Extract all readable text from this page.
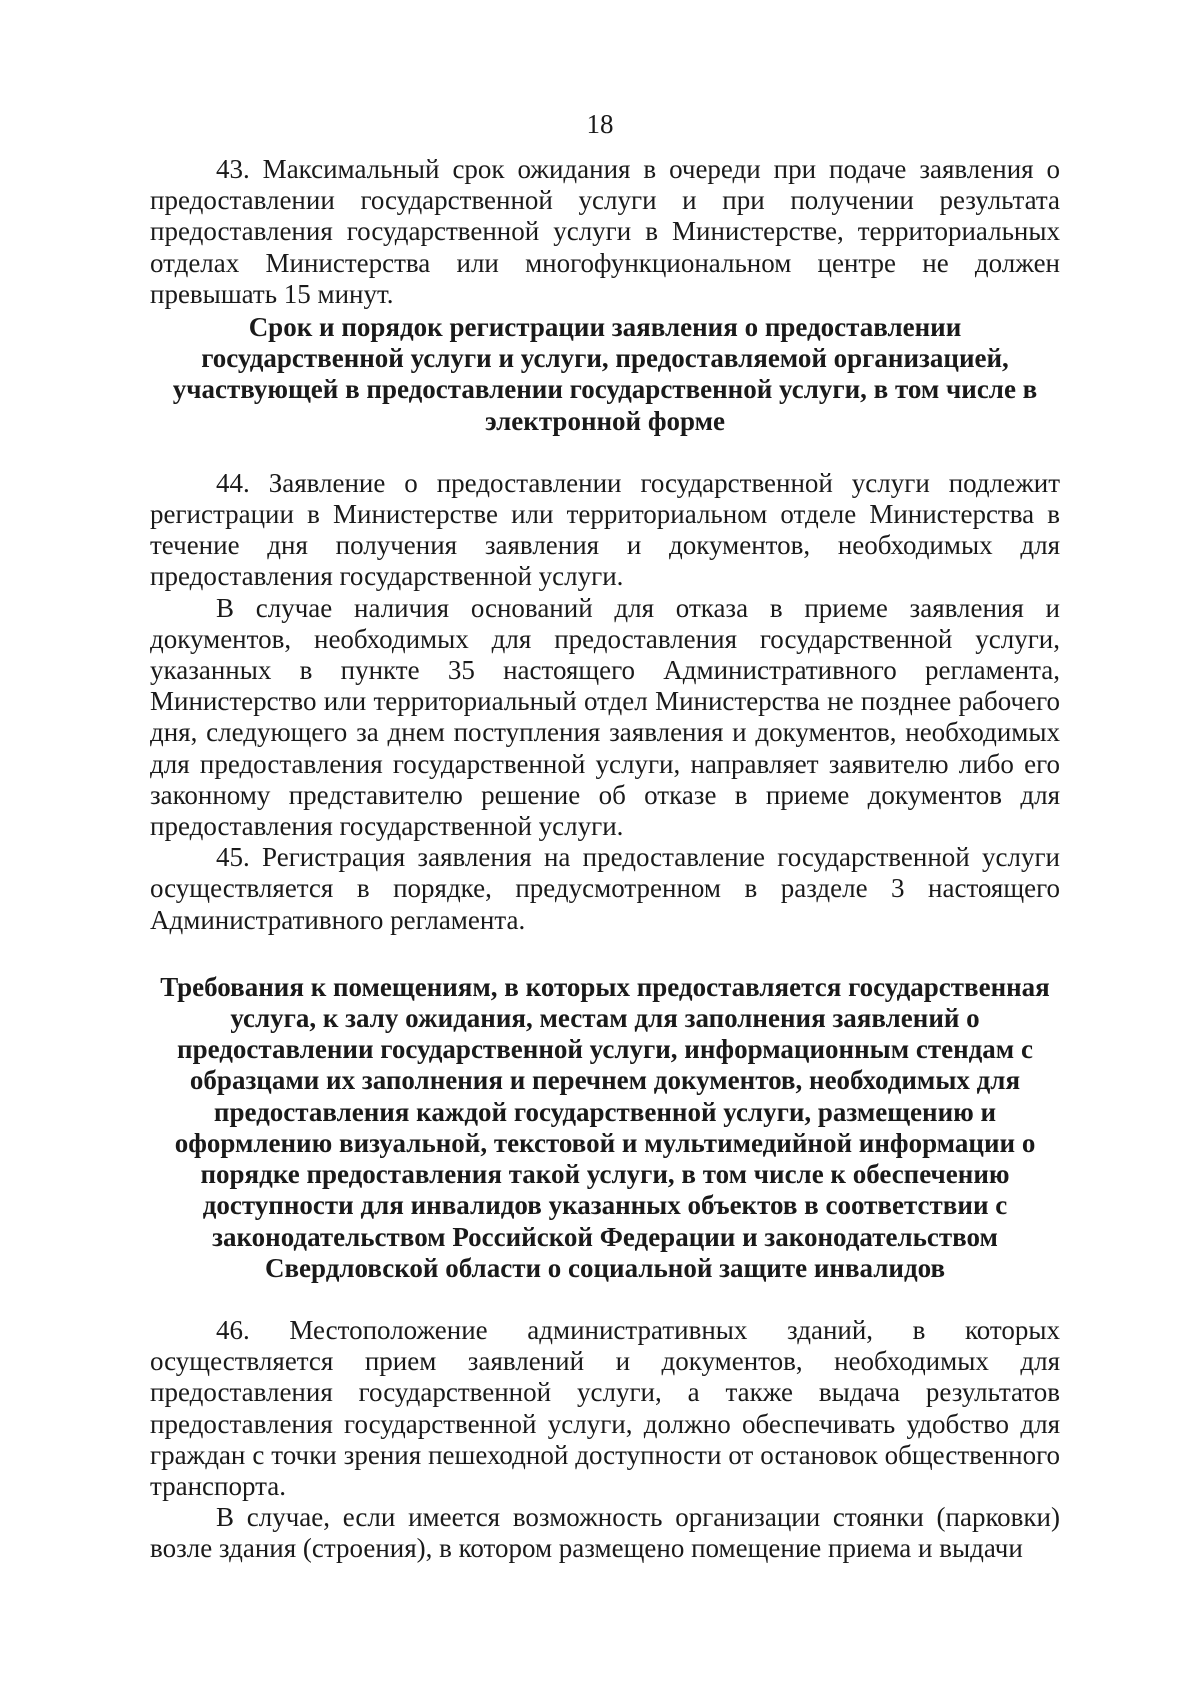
18

43. Максимальный срок ожидания в очереди при подаче заявления о предоставлении государственной услуги и при получении результата предоставления государственной услуги в Министерстве, территориальных отделах Министерства или многофункциональном центре не должен превышать 15 минут.

Срок и порядок регистрации заявления о предоставлении государственной услуги и услуги, предоставляемой организацией, участвующей в предоставлении государственной услуги, в том числе в электронной форме

44. Заявление о предоставлении государственной услуги подлежит регистрации в Министерстве или территориальном отделе Министерства в течение дня получения заявления и документов, необходимых для предоставления государственной услуги.

В случае наличия оснований для отказа в приеме заявления и документов, необходимых для предоставления государственной услуги, указанных в пункте 35 настоящего Административного регламента, Министерство или территориальный отдел Министерства не позднее рабочего дня, следующего за днем поступления заявления и документов, необходимых для предоставления государственной услуги, направляет заявителю либо его законному представителю решение об отказе в приеме документов для предоставления государственной услуги.

45. Регистрация заявления на предоставление государственной услуги осуществляется в порядке, предусмотренном в разделе 3 настоящего Административного регламента.

Требования к помещениям, в которых предоставляется государственная услуга, к залу ожидания, местам для заполнения заявлений о предоставлении государственной услуги, информационным стендам с образцами их заполнения и перечнем документов, необходимых для предоставления каждой государственной услуги, размещению и оформлению визуальной, текстовой и мультимедийной информации о порядке предоставления такой услуги, в том числе к обеспечению доступности для инвалидов указанных объектов в соответствии с законодательством Российской Федерации и законодательством Свердловской области о социальной защите инвалидов

46. Местоположение административных зданий, в которых осуществляется прием заявлений и документов, необходимых для предоставления государственной услуги, а также выдача результатов предоставления государственной услуги, должно обеспечивать удобство для граждан с точки зрения пешеходной доступности от остановок общественного транспорта.

В случае, если имеется возможность организации стоянки (парковки) возле здания (строения), в котором размещено помещение приема и выдачи
